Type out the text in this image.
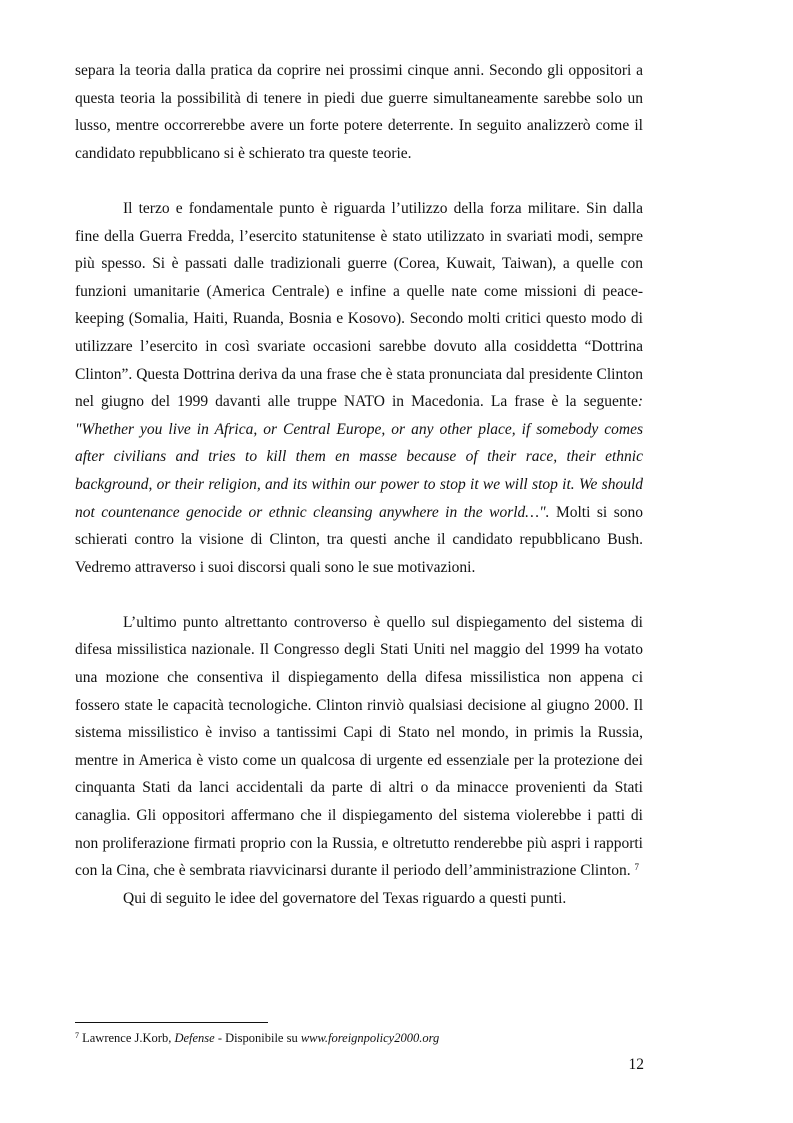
separa la teoria dalla pratica da coprire nei prossimi cinque anni. Secondo gli oppositori a questa teoria la possibilità di tenere in piedi due guerre simultaneamente sarebbe solo un lusso, mentre occorrerebbe avere un forte potere deterrente. In seguito analizzerò come il candidato repubblicano si è schierato tra queste teorie.

Il terzo e fondamentale punto è riguarda l’utilizzo della forza militare. Sin dalla fine della Guerra Fredda, l’esercito statunitense è stato utilizzato in svariati modi, sempre più spesso. Si è passati dalle tradizionali guerre (Corea, Kuwait, Taiwan), a quelle con funzioni umanitarie (America Centrale) e infine a quelle nate come missioni di peace-keeping (Somalia, Haiti, Ruanda, Bosnia e Kosovo). Secondo molti critici questo modo di utilizzare l’esercito in così svariate occasioni sarebbe dovuto alla cosiddetta “Dottrina Clinton”. Questa Dottrina deriva da una frase che è stata pronunciata dal presidente Clinton nel giugno del 1999 davanti alle truppe NATO in Macedonia. La frase è la seguente: "Whether you live in Africa, or Central Europe, or any other place, if somebody comes after civilians and tries to kill them en masse because of their race, their ethnic background, or their religion, and its within our power to stop it we will stop it. We should not countenance genocide or ethnic cleansing anywhere in the world…". Molti si sono schierati contro la visione di Clinton, tra questi anche il candidato repubblicano Bush. Vedremo attraverso i suoi discorsi quali sono le sue motivazioni.

L’ultimo punto altrettanto controverso è quello sul dispiegamento del sistema di difesa missilistica nazionale. Il Congresso degli Stati Uniti nel maggio del 1999 ha votato una mozione che consentiva il dispiegamento della difesa missilistica non appena ci fossero state le capacità tecnologiche. Clinton rinviò qualsiasi decisione al giugno 2000. Il sistema missilistico è inviso a tantissimi Capi di Stato nel mondo, in primis la Russia, mentre in America è visto come un qualcosa di urgente ed essenziale per la protezione dei cinquanta Stati da lanci accidentali da parte di altri o da minacce provenienti da Stati canaglia. Gli oppositori affermano che il dispiegamento del sistema violerebbe i patti di non proliferazione firmati proprio con la Russia, e oltretutto renderebbe più aspri i rapporti con la Cina, che è sembrata riavvicinarsi durante il periodo dell’amministrazione Clinton. $^7$

Qui di seguito le idee del governatore del Texas riguardo a questi punti.

$^7$ Lawrence J.Korb, Defense - Disponibile su www.foreignpolicy2000.org
12
